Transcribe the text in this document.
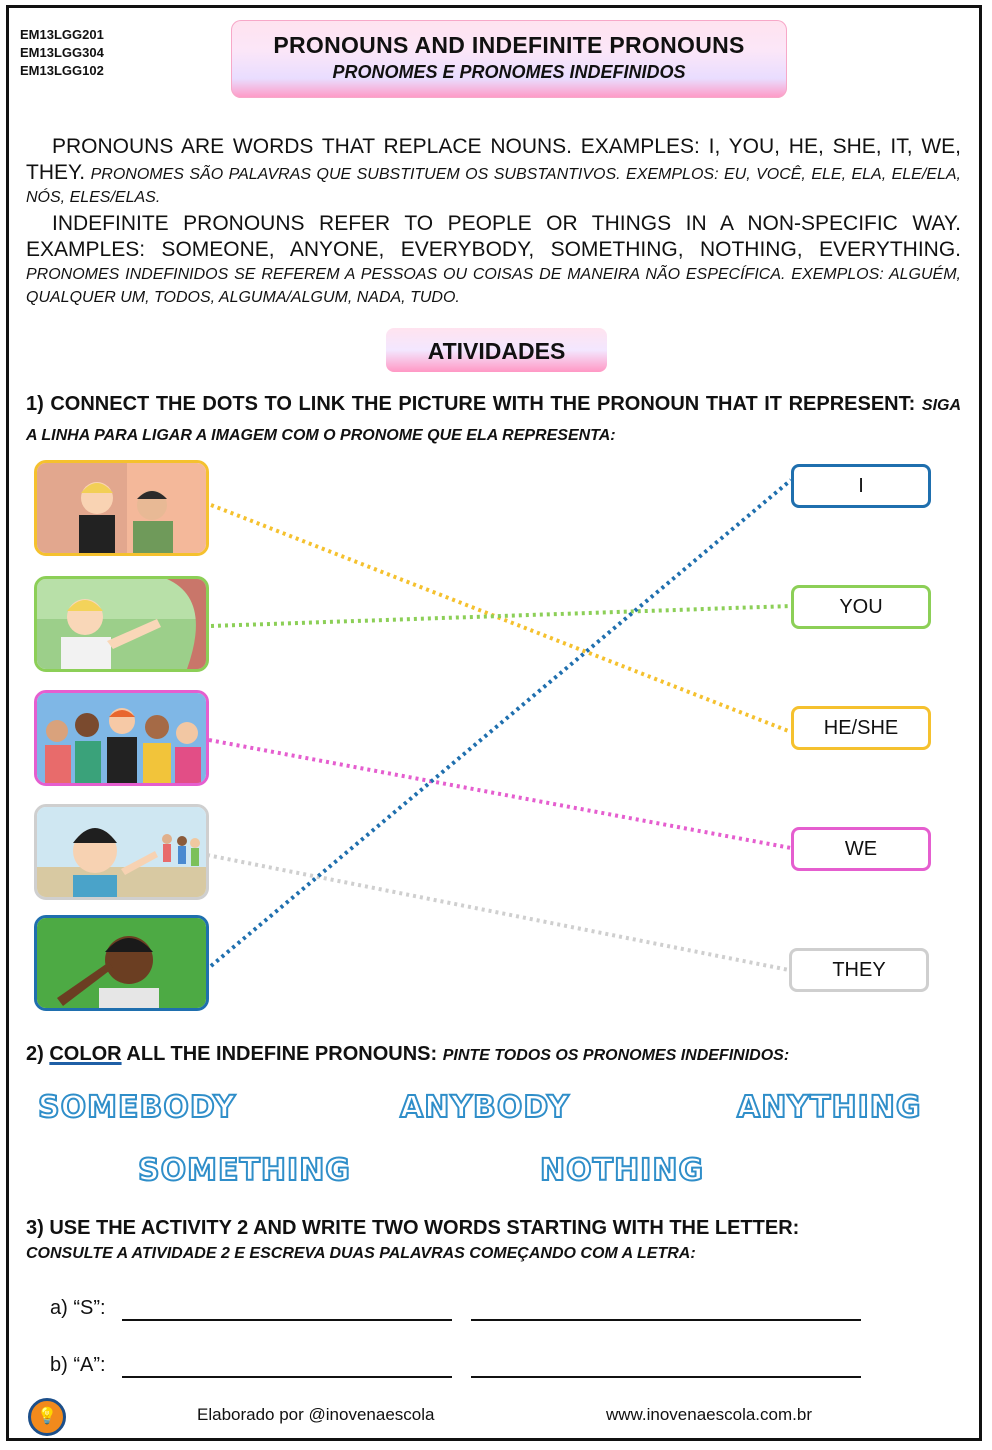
EM13LGG201
EM13LGG304
EM13LGG102
PRONOUNS AND INDEFINITE PRONOUNS
PRONOMES E PRONOMES INDEFINIDOS
PRONOUNS ARE WORDS THAT REPLACE NOUNS. EXAMPLES: I, YOU, HE, SHE, IT, WE, THEY. PRONOMES SÃO PALAVRAS QUE SUBSTITUEM OS SUBSTANTIVOS. EXEMPLOS: EU, VOCÊ, ELE, ELA, ELE/ELA, NÓS, ELES/ELAS.
INDEFINITE PRONOUNS REFER TO PEOPLE OR THINGS IN A NON-SPECIFIC WAY. EXAMPLES: SOMEONE, ANYONE, EVERYBODY, SOMETHING, NOTHING, EVERYTHING. PRONOMES INDEFINIDOS SE REFEREM A PESSOAS OU COISAS DE MANEIRA NÃO ESPECÍFICA. EXEMPLOS: ALGUÉM, QUALQUER UM, TODOS, ALGUMA/ALGUM, NADA, TUDO.
ATIVIDADES
1) CONNECT THE DOTS TO LINK THE PICTURE WITH THE PRONOUN THAT IT REPRESENT: SIGA A LINHA PARA LIGAR A IMAGEM COM O PRONOME QUE ELA REPRESENTA:
I
YOU
HE/SHE
WE
THEY
2) COLOR ALL THE INDEFINE PRONOUNS: PINTE TODOS OS PRONOMES INDEFINIDOS:
SOMEBODY	ANYBODY	ANYTHING
SOMETHING	NOTHING
3) USE THE ACTIVITY 2 AND WRITE TWO WORDS STARTING WITH THE LETTER:
CONSULTE A ATIVIDADE 2 E ESCREVA DUAS PALAVRAS COMEÇANDO COM A LETRA:
a) “S”:
b) “A”:
💡	Elaborado por @inovenaescola	www.inovenaescola.com.br
